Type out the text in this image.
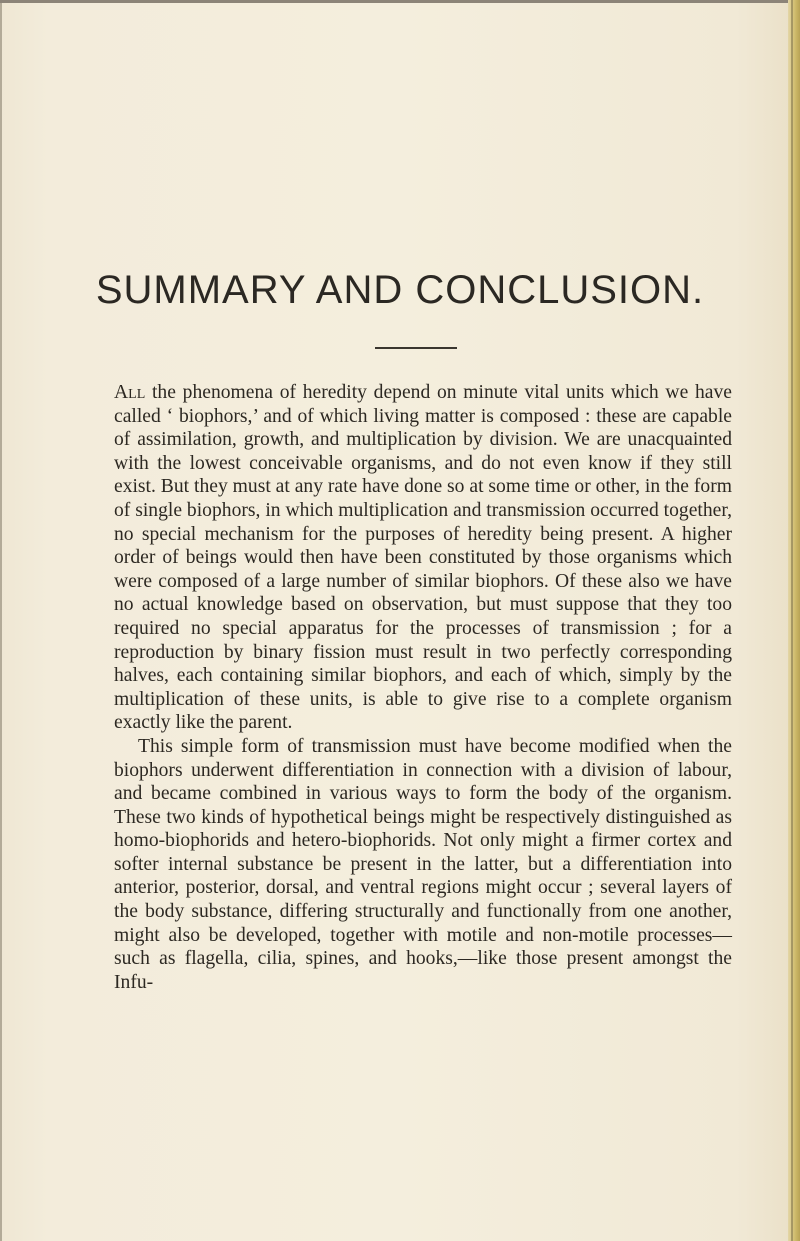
SUMMARY AND CONCLUSION.

All the phenomena of heredity depend on minute vital units which we have called ‘ biophors,’ and of which living matter is composed : these are capable of assimilation, growth, and multiplication by division. We are unacquainted with the lowest conceivable organisms, and do not even know if they still exist. But they must at any rate have done so at some time or other, in the form of single biophors, in which multiplication and transmission occurred together, no special mechanism for the purposes of heredity being present. A higher order of beings would then have been constituted by those organisms which were composed of a large number of similar biophors. Of these also we have no actual knowledge based on observation, but must suppose that they too required no special apparatus for the processes of transmission ; for a reproduction by binary fission must result in two perfectly corresponding halves, each containing similar biophors, and each of which, simply by the multiplication of these units, is able to give rise to a complete organism exactly like the parent.

This simple form of transmission must have become modified when the biophors underwent differentiation in connection with a division of labour, and became combined in various ways to form the body of the organism. These two kinds of hypothetical beings might be respectively distinguished as homo-biophorids and hetero-biophorids. Not only might a firmer cortex and softer internal substance be present in the latter, but a differentiation into anterior, posterior, dorsal, and ventral regions might occur ; several layers of the body substance, differing structurally and functionally from one another, might also be developed, together with motile and non-motile processes—such as flagella, cilia, spines, and hooks,—like those present amongst the Infu-
